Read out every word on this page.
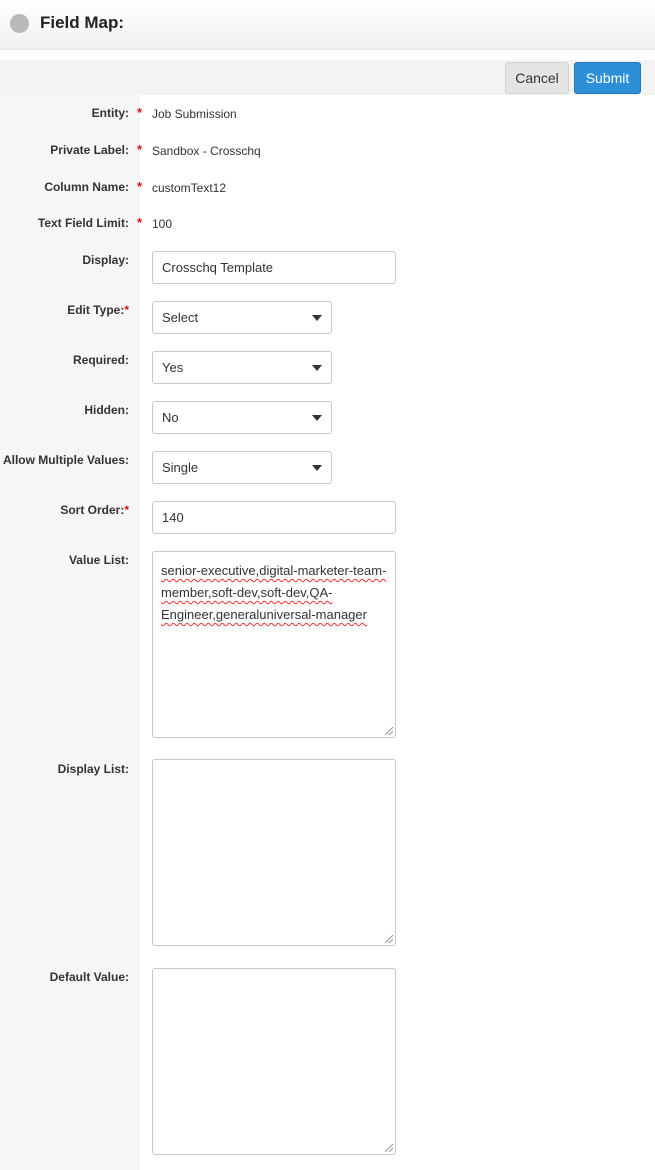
Field Map:
Cancel	Submit
Entity: * Job Submission
Private Label: * Sandbox - Crosschq
Column Name: * customText12
Text Field Limit: * 100
Display:	Crosschq Template
Edit Type:*	Select
Required:	Yes
Hidden:	No
Allow Multiple Values:	Single
Sort Order:*	140
Value List:
senior-executive,digital-marketer-team-member,soft-dev,soft-dev,QA-Engineer,generaluniversal-manager
Display List:
Default Value:
